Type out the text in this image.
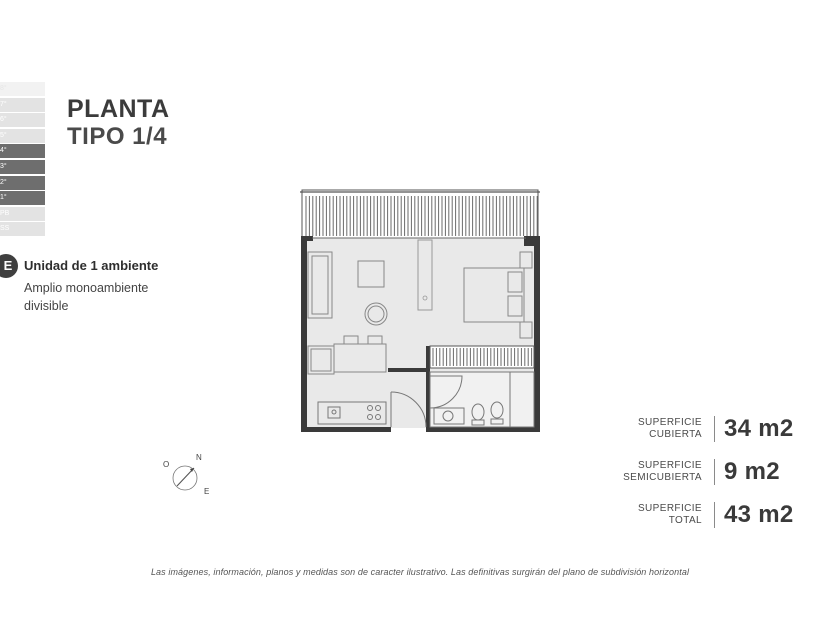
8°
7°
6°
5°
4°
3°
2°
1°
PB
SS
PLANTA
TIPO 1/4
E Unidad de 1 ambiente
Amplio monoambiente divisible
N
O
E
SUPERFICIE
CUBIERTA 34 m2
SUPERFICIE
SEMICUBIERTA 9 m2
SUPERFICIE
TOTAL 43 m2
Las imágenes, información, planos y medidas son de caracter ilustrativo. Las definitivas surgirán del plano de subdivisión horizontal
